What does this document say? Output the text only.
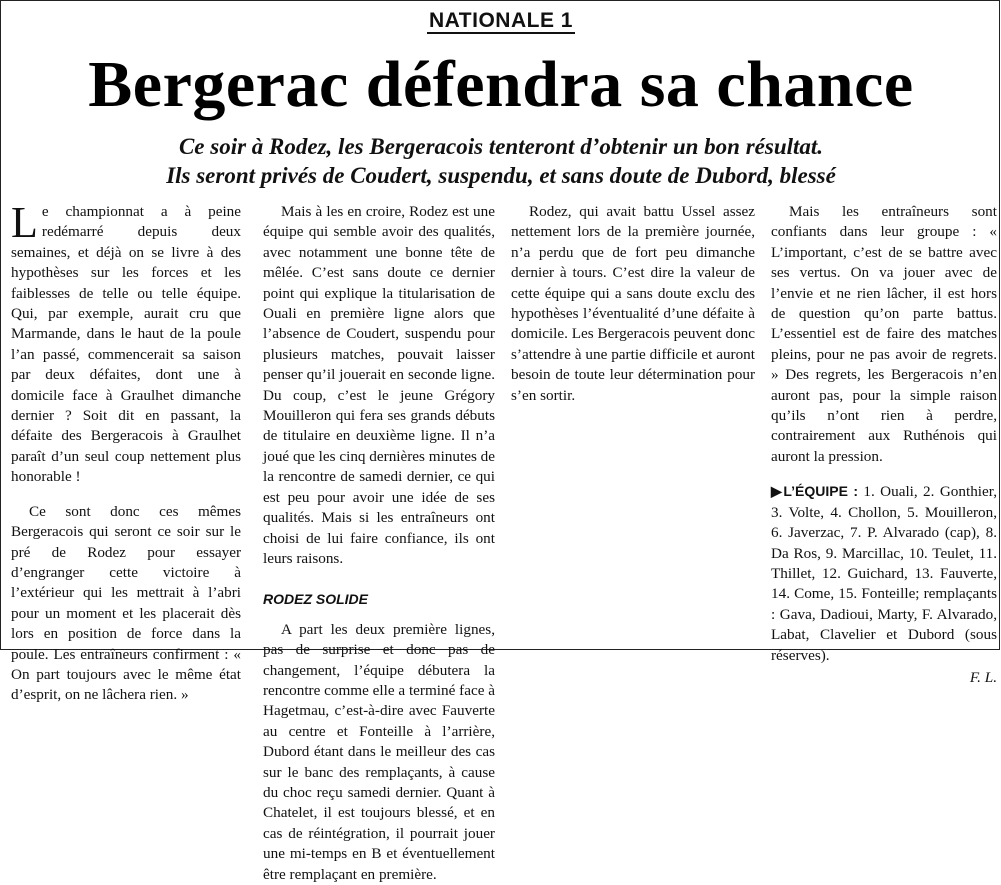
NATIONALE 1
Bergerac défendra sa chance
Ce soir à Rodez, les Bergeracois tenteront d’obtenir un bon résultat.
Ils seront privés de Coudert, suspendu, et sans doute de Dubord, blessé

Le championnat a à peine redémarré depuis deux semaines, et déjà on se livre à des hypothèses sur les forces et les faiblesses de telle ou telle équipe. Qui, par exemple, aurait cru que Marmande, dans le haut de la poule l’an passé, commencerait sa saison par deux défaites, dont une à domicile face à Graulhet dimanche dernier ? Soit dit en passant, la défaite des Bergeracois à Graulhet paraît d’un seul coup nettement plus honorable !

Ce sont donc ces mêmes Bergeracois qui seront ce soir sur le pré de Rodez pour essayer d’engranger cette victoire à l’extérieur qui les mettrait à l’abri pour un moment et les placerait dès lors en position de force dans la poule. Les entraîneurs confirment : « On part toujours avec le même état d’esprit, on ne lâchera rien. »

Mais à les en croire, Rodez est une équipe qui semble avoir des qualités, avec notamment une bonne tête de mêlée. C’est sans doute ce dernier point qui explique la titularisation de Ouali en première ligne alors que l’absence de Coudert, suspendu pour plusieurs matches, pouvait laisser penser qu’il jouerait en seconde ligne. Du coup, c’est le jeune Grégory Mouilleron qui fera ses grands débuts de titulaire en deuxième ligne. Il n’a joué que les cinq dernières minutes de la rencontre de samedi dernier, ce qui est peu pour avoir une idée de ses qualités. Mais si les entraîneurs ont choisi de lui faire confiance, ils ont leurs raisons.

RODEZ SOLIDE

A part les deux première lignes, pas de surprise et donc pas de changement, l’équipe débutera la rencontre comme elle a terminé face à Hagetmau, c’est-à-dire avec Fauverte au centre et Fonteille à l’arrière, Dubord étant dans le meilleur des cas sur le banc des remplaçants, à cause du choc reçu samedi dernier. Quant à Chatelet, il est toujours blessé, et en cas de réintégration, il pourrait jouer une mi-temps en B et éventuellement être remplaçant en première.

Rodez, qui avait battu Ussel assez nettement lors de la première journée, n’a perdu que de fort peu dimanche dernier à tours. C’est dire la valeur de cette équipe qui a sans doute exclu des hypothèses l’éventualité d’une défaite à domicile. Les Bergeracois peuvent donc s’attendre à une partie difficile et auront besoin de toute leur détermination pour s’en sortir.

Mais les entraîneurs sont confiants dans leur groupe : « L’important, c’est de se battre avec ses vertus. On va jouer avec de l’envie et ne rien lâcher, il est hors de question qu’on parte battus. L’essentiel est de faire des matches pleins, pour ne pas avoir de regrets. » Des regrets, les Bergeracois n’en auront pas, pour la simple raison qu’ils n’ont rien à perdre, contrairement aux Ruthénois qui auront la pression.

▶L’ÉQUIPE : 1. Ouali, 2. Gonthier, 3. Volte, 4. Chollon, 5. Mouilleron, 6. Javerzac, 7. P. Alvarado (cap), 8. Da Ros, 9. Marcillac, 10. Teulet, 11. Thillet, 12. Guichard, 13. Fauverte, 14. Come, 15. Fonteille; remplaçants : Gava, Dadioui, Marty, F. Alvarado, Labat, Clavelier et Dubord (sous réserves).

F. L.
